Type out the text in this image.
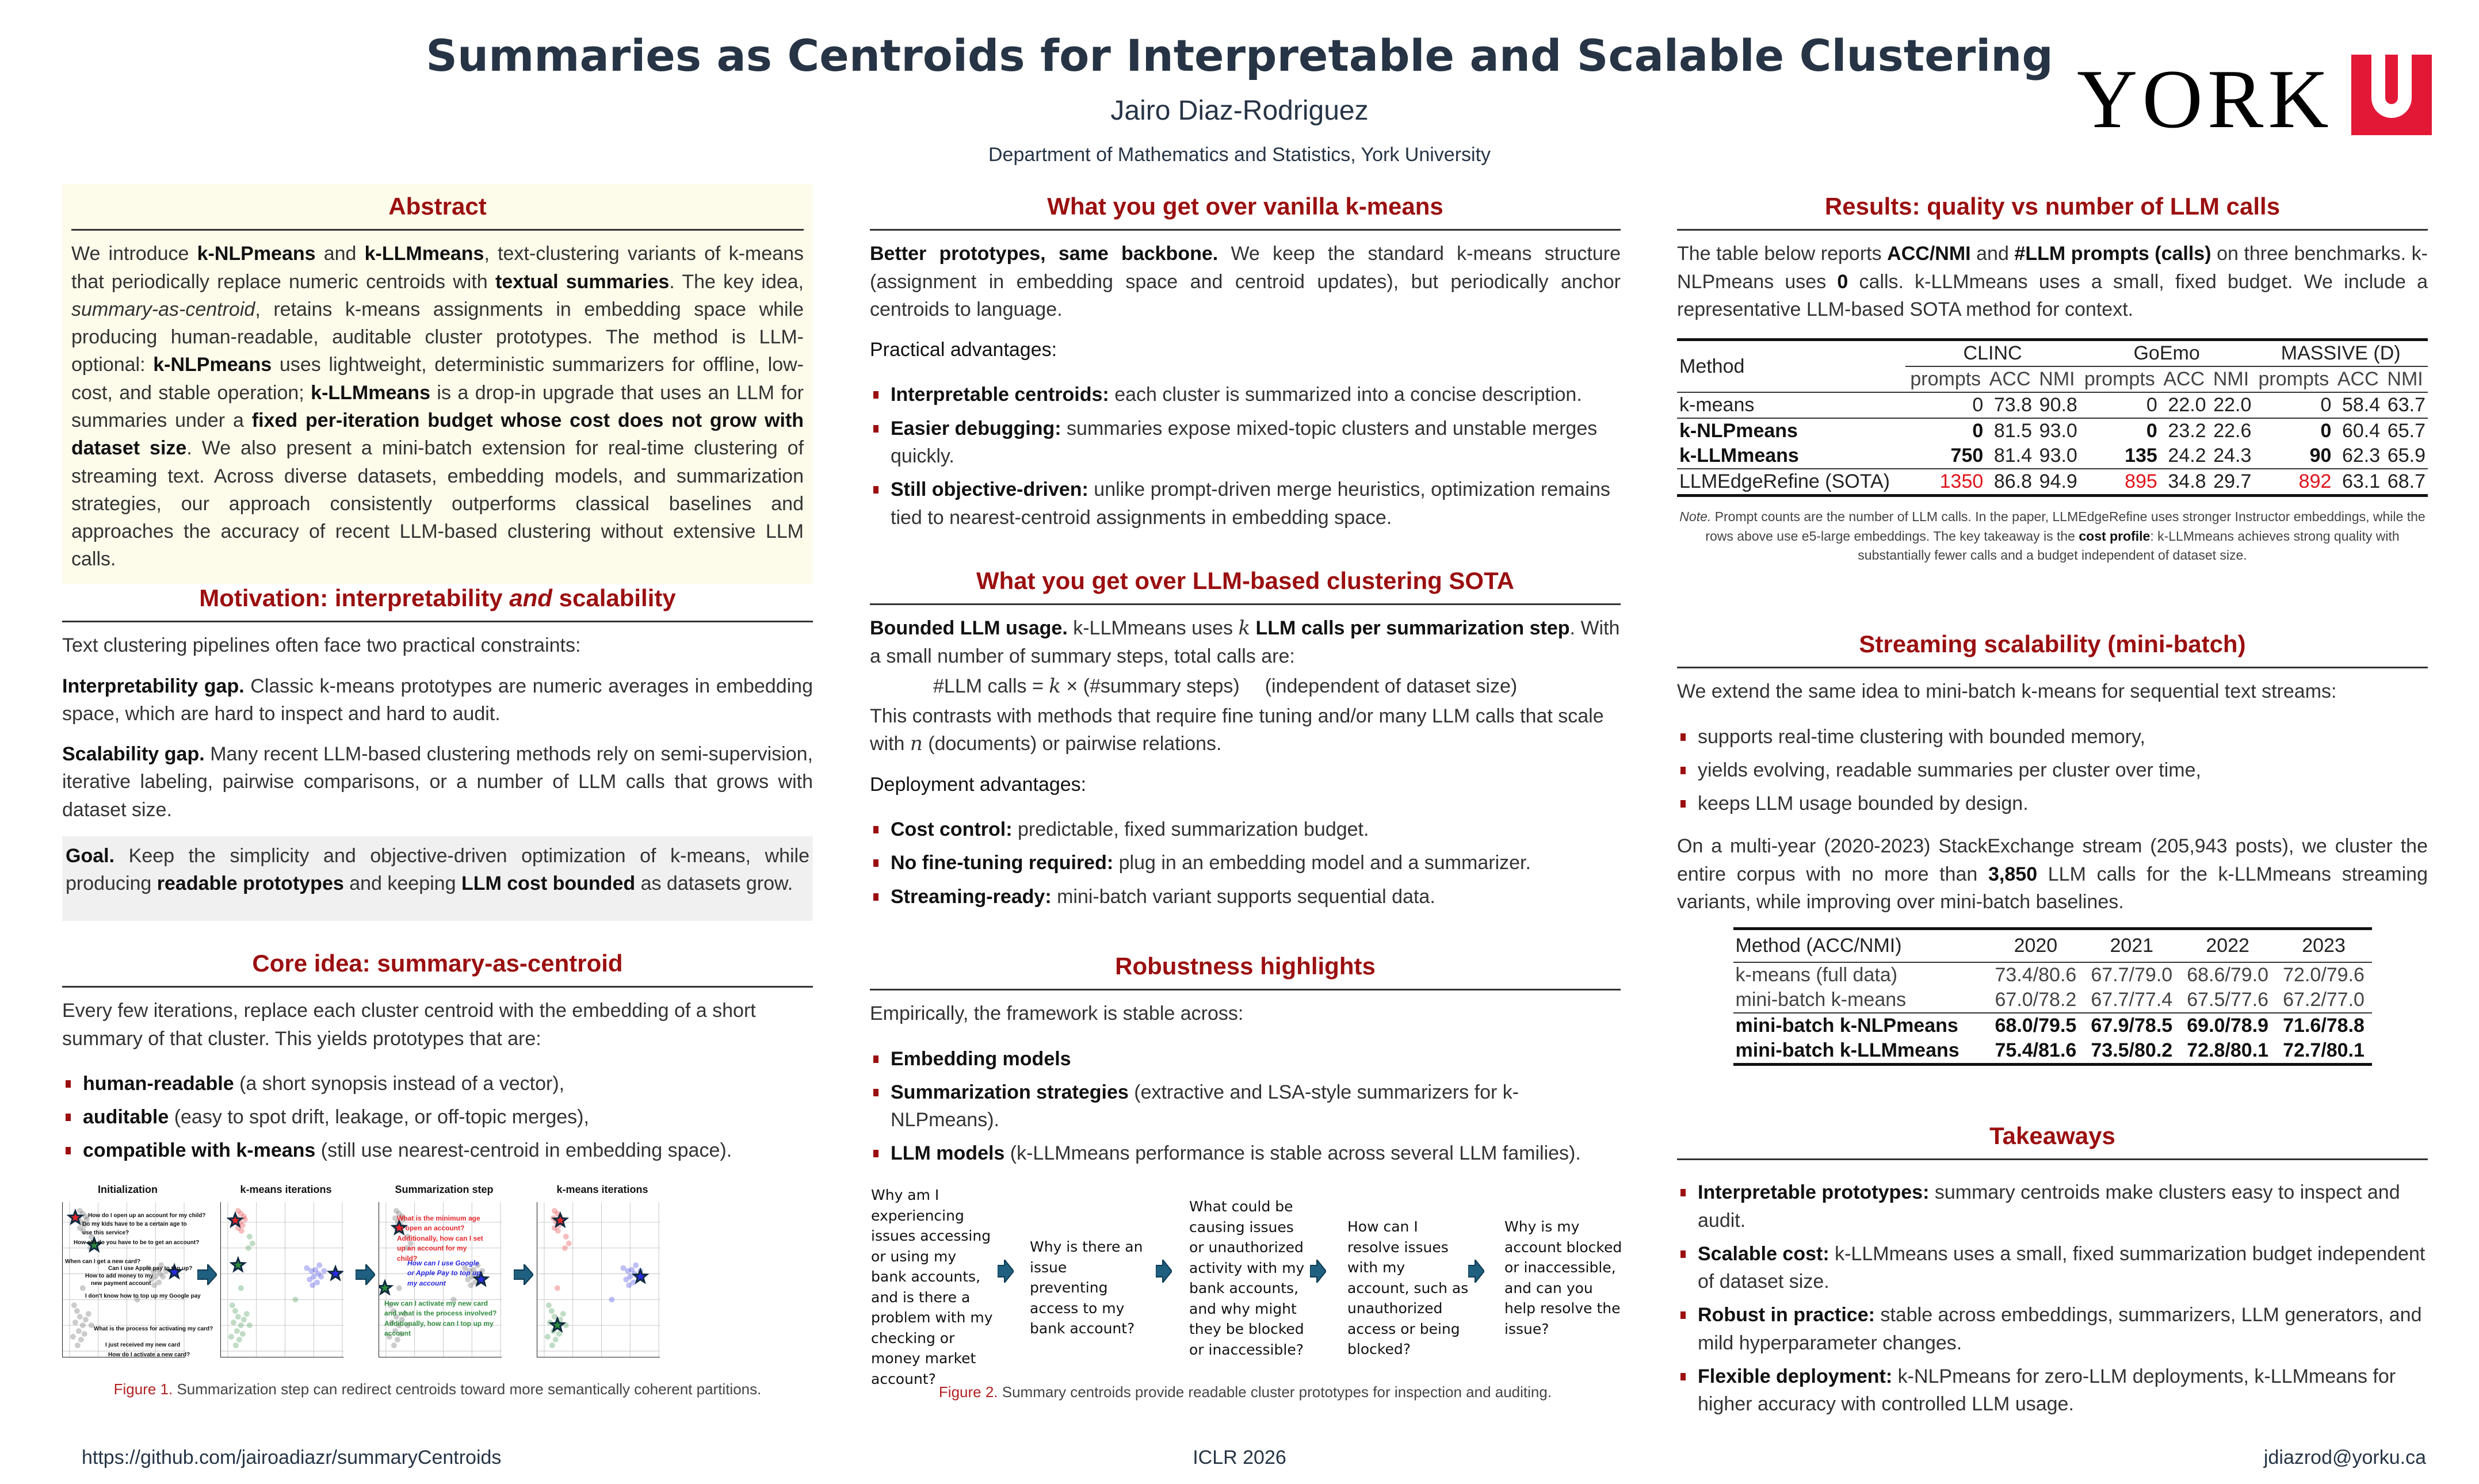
Summaries as Centroids for Interpretable and Scalable Clustering
Jairo Diaz-Rodriguez
Department of Mathematics and Statistics, York University
YORK
Abstract
We introduce k-NLPmeans and k-LLMmeans, text-clustering variants of k-means that periodically replace numeric centroids with textual summaries. The key idea, summary-as-centroid, retains k-means assignments in embedding space while producing human-readable, auditable cluster prototypes. The method is LLM-optional: k-NLPmeans uses lightweight, deterministic summarizers for offline, low-cost, and stable operation; k-LLMmeans is a drop-in upgrade that uses an LLM for summaries under a fixed per-iteration budget whose cost does not grow with dataset size. We also present a mini-batch extension for real-time clustering of streaming text. Across diverse datasets, embedding models, and summarization strategies, our approach consistently outperforms classical baselines and approaches the accuracy of recent LLM-based clustering without extensive LLM calls.
Motivation: interpretability and scalability
Text clustering pipelines often face two practical constraints:
Interpretability gap. Classic k-means prototypes are numeric averages in embedding space, which are hard to inspect and hard to audit.
Scalability gap. Many recent LLM-based clustering methods rely on semi-supervision, iterative labeling, pairwise comparisons, or a number of LLM calls that grows with dataset size.
Goal. Keep the simplicity and objective-driven optimization of k-means, while producing readable prototypes and keeping LLM cost bounded as datasets grow.
Core idea: summary-as-centroid
Every few iterations, replace each cluster centroid with the embedding of a short summary of that cluster. This yields prototypes that are:
human-readable (a short synopsis instead of a vector),
auditable (easy to spot drift, leakage, or off-topic merges),
compatible with k-means (still use nearest-centroid in embedding space).
Initialization	k-means iterations	Summarization step	k-means iterations
How do I open up an account for my child?
Do my kids have to be a certain age to
use this service?
How old do you have to be to get an account?
When can I get a new card?
Can I use Apple pay to top up?
How to add money to my
new payment account
I don't know how to top up my Google pay
What is the process for activating my card?
I just received my new card
How do I activate a new card?
What is the minimum age to open an account? Additionally, how can I set up an account for my child?
How can I use Google or Apple Pay to top up my account
How can I activate my new card and what is the process involved? Additionally, how can I top up my account
Figure 1. Summarization step can redirect centroids toward more semantically coherent partitions.
What you get over vanilla k-means
Better prototypes, same backbone. We keep the standard k-means structure (assignment in embedding space and centroid updates), but periodically anchor centroids to language.
Practical advantages:
Interpretable centroids: each cluster is summarized into a concise description.
Easier debugging: summaries expose mixed-topic clusters and unstable merges quickly.
Still objective-driven: unlike prompt-driven merge heuristics, optimization remains tied to nearest-centroid assignments in embedding space.
What you get over LLM-based clustering SOTA
Bounded LLM usage. k-LLMmeans uses k LLM calls per summarization step. With a small number of summary steps, total calls are:
#LLM calls = k × (#summary steps) (independent of dataset size)
This contrasts with methods that require fine tuning and/or many LLM calls that scale with n (documents) or pairwise relations.
Deployment advantages:
Cost control: predictable, fixed summarization budget.
No fine-tuning required: plug in an embedding model and a summarizer.
Streaming-ready: mini-batch variant supports sequential data.
Robustness highlights
Empirically, the framework is stable across:
Embedding models
Summarization strategies (extractive and LSA-style summarizers for k-NLPmeans).
LLM models (k-LLMmeans performance is stable across several LLM families).
Why am I experiencing issues accessing or using my bank accounts, and is there a problem with my checking or money market account?
Why is there an issue preventing access to my bank account?
What could be causing issues or unauthorized activity with my bank accounts, and why might they be blocked or inaccessible?
How can I resolve issues with my account, such as unauthorized access or being blocked?
Why is my account blocked or inaccessible, and can you help resolve the issue?
Figure 2. Summary centroids provide readable cluster prototypes for inspection and auditing.
Results: quality vs number of LLM calls
The table below reports ACC/NMI and #LLM prompts (calls) on three benchmarks. k-NLPmeans uses 0 calls. k-LLMmeans uses a small, fixed budget. We include a representative LLM-based SOTA method for context.
Method	CLINC			GoEmo			MASSIVE (D)		
	prompts	ACC	NMI	prompts	ACC	NMI	prompts	ACC	NMI
k-means	0	73.8	90.8	0	22.0	22.0	0	58.4	63.7
k-NLPmeans	0	81.5	93.0	0	23.2	22.6	0	60.4	65.7
k-LLMmeans	750	81.4	93.0	135	24.2	24.3	90	62.3	65.9
LLMEdgeRefine (SOTA)	1350	86.8	94.9	895	34.8	29.7	892	63.1	68.7
Note. Prompt counts are the number of LLM calls. In the paper, LLMEdgeRefine uses stronger Instructor embeddings, while the rows above use e5-large embeddings. The key takeaway is the cost profile: k-LLMmeans achieves strong quality with substantially fewer calls and a budget independent of dataset size.
Streaming scalability (mini-batch)
We extend the same idea to mini-batch k-means for sequential text streams:
supports real-time clustering with bounded memory,
yields evolving, readable summaries per cluster over time,
keeps LLM usage bounded by design.
On a multi-year (2020-2023) StackExchange stream (205,943 posts), we cluster the entire corpus with no more than 3,850 LLM calls for the k-LLMmeans streaming variants, while improving over mini-batch baselines.
Method (ACC/NMI)	2020	2021	2022	2023
k-means (full data)	73.4/80.6	67.7/79.0	68.6/79.0	72.0/79.6
mini-batch k-means	67.0/78.2	67.7/77.4	67.5/77.6	67.2/77.0
mini-batch k-NLPmeans	68.0/79.5	67.9/78.5	69.0/78.9	71.6/78.8
mini-batch k-LLMmeans	75.4/81.6	73.5/80.2	72.8/80.1	72.7/80.1
Takeaways
Interpretable prototypes: summary centroids make clusters easy to inspect and audit.
Scalable cost: k-LLMmeans uses a small, fixed summarization budget independent of dataset size.
Robust in practice: stable across embeddings, summarizers, LLM generators, and mild hyperparameter changes.
Flexible deployment: k-NLPmeans for zero-LLM deployments, k-LLMmeans for higher accuracy with controlled LLM usage.
https://github.com/jairoadiazr/summaryCentroids	ICLR 2026	jdiazrod@yorku.ca
